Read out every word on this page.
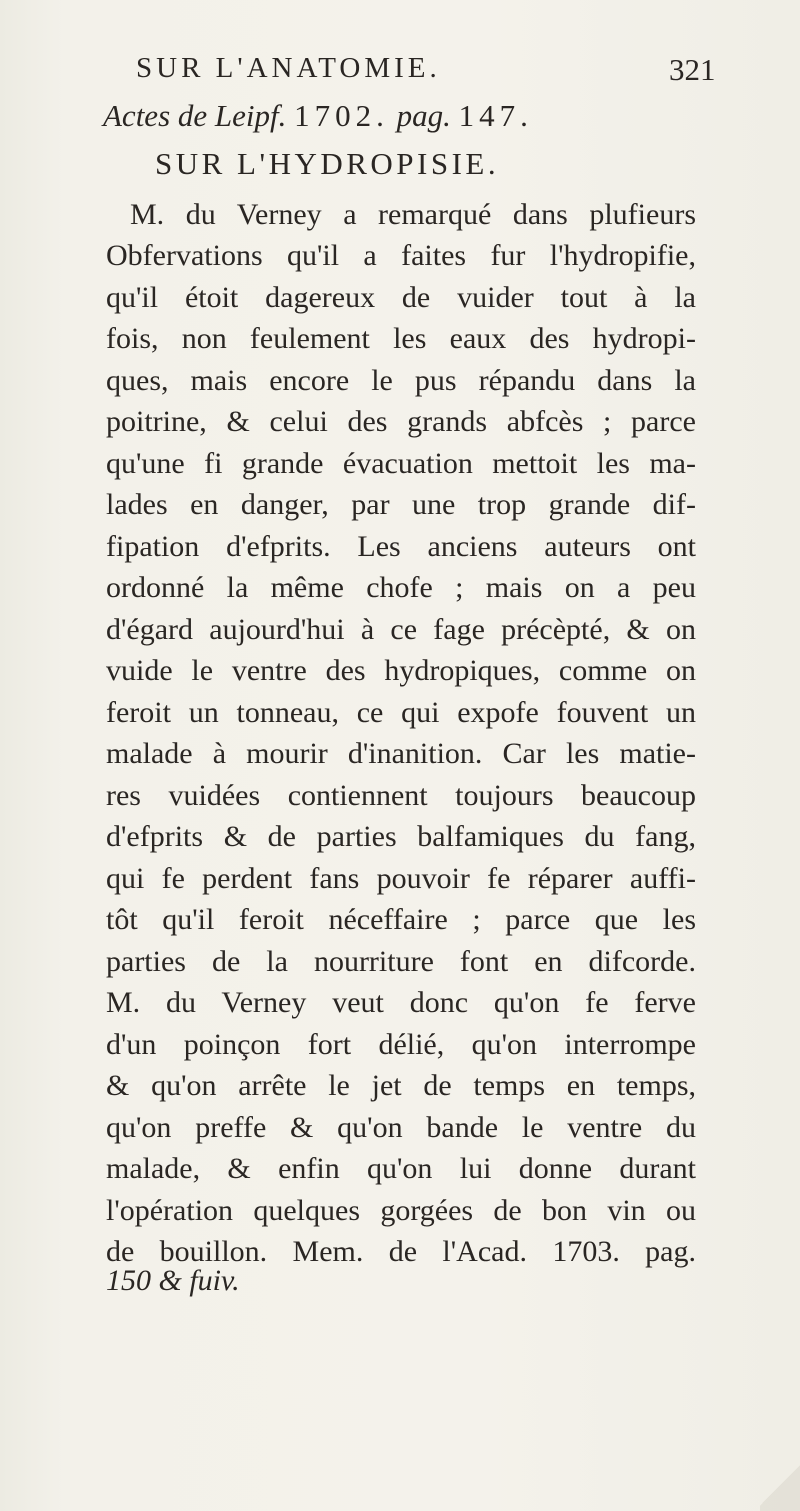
SUR L'ANATOMIE.	321
Actes de Leipf. 1702. pag. 147.
SUR L'HYDROPISIE.
M. du Verney a remarqué dans plufieurs
Obfervations qu'il a faites fur l'hydropifie,
qu'il étoit dagereux de vuider tout à la
fois, non feulement les eaux des hydropi-
ques, mais encore le pus répandu dans la
poitrine, & celui des grands abfcès ; parce
qu'une fi grande évacuation mettoit les ma-
lades en danger, par une trop grande dif-
fipation d'efprits. Les anciens auteurs ont
ordonné la même chofe ; mais on a peu
d'égard aujourd'hui à ce fage précèpté, & on
vuide le ventre des hydropiques, comme on
feroit un tonneau, ce qui expofe fouvent un
malade à mourir d'inanition. Car les matie-
res vuidées contiennent toujours beaucoup
d'efprits & de parties balfamiques du fang,
qui fe perdent fans pouvoir fe réparer auffi-
tôt qu'il feroit néceffaire ; parce que les
parties de la nourriture font en difcorde.
M. du Verney veut donc qu'on fe ferve
d'un poinçon fort délié, qu'on interrompe
& qu'on arrête le jet de temps en temps,
qu'on preffe & qu'on bande le ventre du
malade, & enfin qu'on lui donne durant
l'opération quelques gorgées de bon vin ou
de bouillon. Mem. de l'Acad. 1703. pag.
150 & fuiv.
